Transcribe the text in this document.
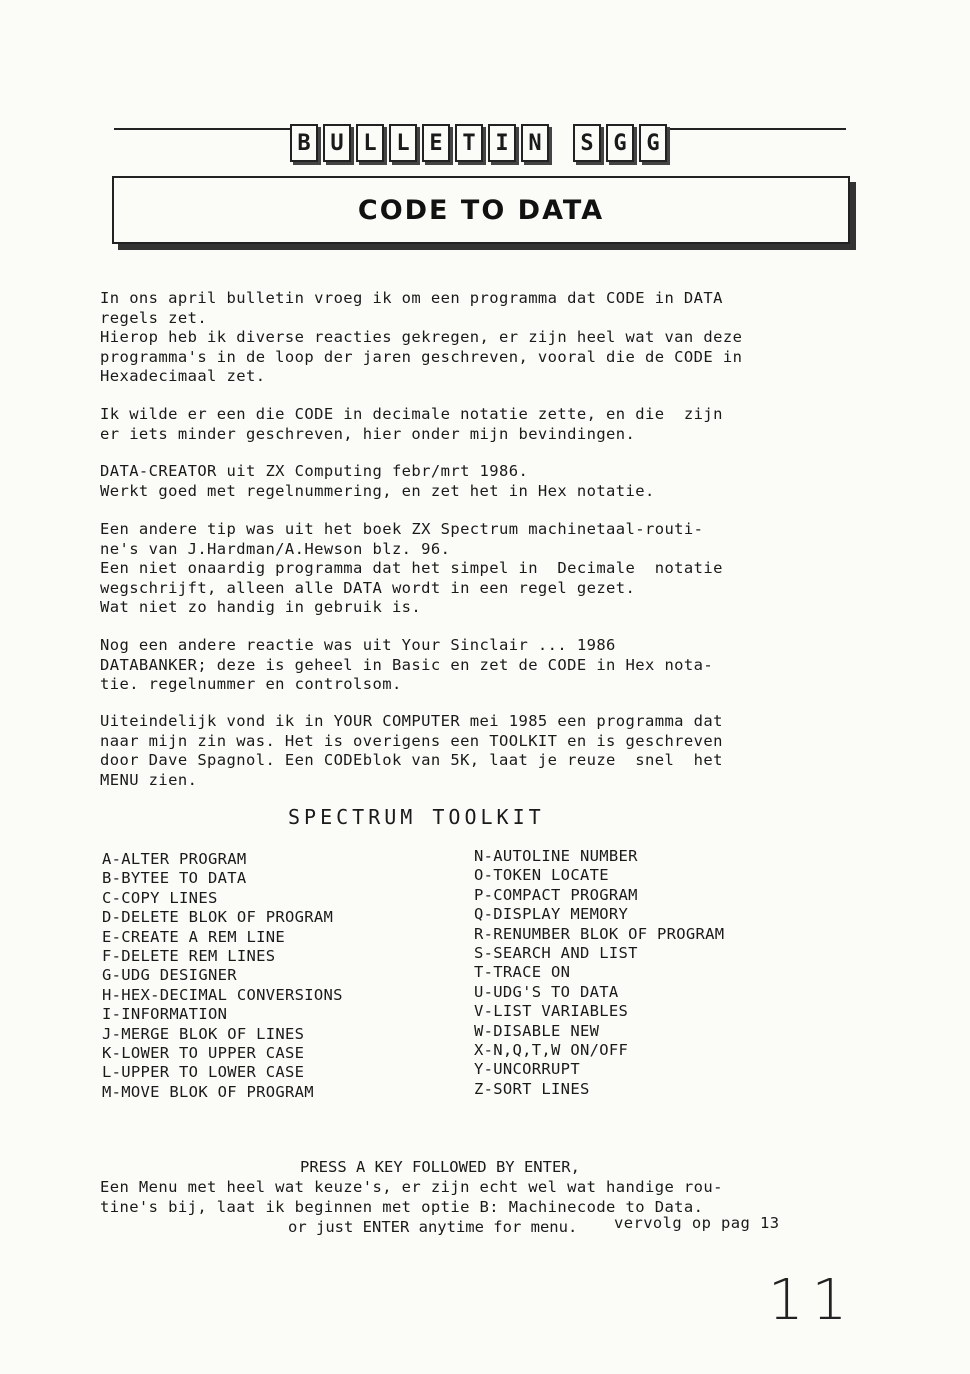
B U L L E T I N S G G
CODE TO DATA
In ons april bulletin vroeg ik om een programma dat CODE in DATA
regels zet.
Hierop heb ik diverse reacties gekregen, er zijn heel wat van deze
programma's in de loop der jaren geschreven, vooral die de CODE in
Hexadecimaal zet.
Ik wilde er een die CODE in decimale notatie zette, en die  zijn
er iets minder geschreven, hier onder mijn bevindingen.
DATA-CREATOR uit ZX Computing febr/mrt 1986.
Werkt goed met regelnummering, en zet het in Hex notatie.
Een andere tip was uit het boek ZX Spectrum machinetaal-routi-
ne's van J.Hardman/A.Hewson blz. 96.
Een niet onaardig programma dat het simpel in  Decimale  notatie
wegschrijft, alleen alle DATA wordt in een regel gezet.
Wat niet zo handig in gebruik is.
Nog een andere reactie was uit Your Sinclair ... 1986
DATABANKER; deze is geheel in Basic en zet de CODE in Hex nota-
tie. regelnummer en controlsom.
Uiteindelijk vond ik in YOUR COMPUTER mei 1985 een programma dat
naar mijn zin was. Het is overigens een TOOLKIT en is geschreven
door Dave Spagnol. Een CODEblok van 5K, laat je reuze  snel  het
MENU zien.
SPECTRUM TOOLKIT
A-ALTER PROGRAM
B-BYTEE TO DATA
C-COPY LINES
D-DELETE BLOK OF PROGRAM
E-CREATE A REM LINE
F-DELETE REM LINES
G-UDG DESIGNER
H-HEX-DECIMAL CONVERSIONS
I-INFORMATION
J-MERGE BLOK OF LINES
K-LOWER TO UPPER CASE
L-UPPER TO LOWER CASE
M-MOVE BLOK OF PROGRAM
N-AUTOLINE NUMBER
O-TOKEN LOCATE
P-COMPACT PROGRAM
Q-DISPLAY MEMORY
R-RENUMBER BLOK OF PROGRAM
S-SEARCH AND LIST
T-TRACE ON
U-UDG'S TO DATA
V-LIST VARIABLES
W-DISABLE NEW
X-N,Q,T,W ON/OFF
Y-UNCORRUPT
Z-SORT LINES

PRESS A KEY FOLLOWED BY ENTER,

or just ENTER anytime for menu.

Een Menu met heel wat keuze's, er zijn echt wel wat handige rou-
tine's bij, laat ik beginnen met optie B: Machinecode to Data.
vervolg op pag 13
11
